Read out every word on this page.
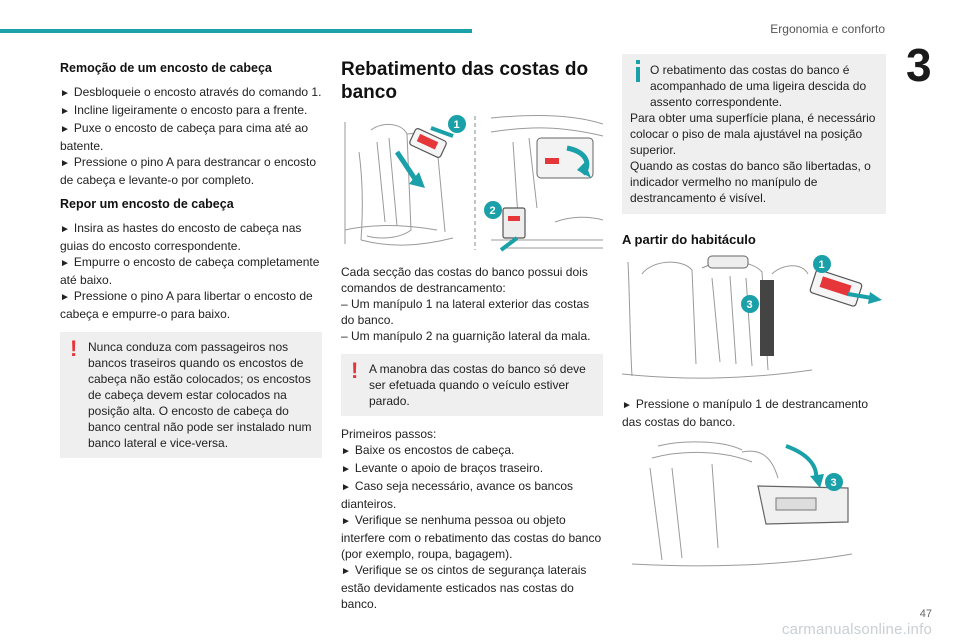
Ergonomia e conforto
3
Remoção de um encosto de cabeça

► Desbloqueie o encosto através do comando 1.

► Incline ligeiramente o encosto para a frente.

► Puxe o encosto de cabeça para cima até ao batente.

► Pressione o pino A para destrancar o encosto de cabeça e levante-o por completo.

Repor um encosto de cabeça

► Insira as hastes do encosto de cabeça nas guias do encosto correspondente.

► Empurre o encosto de cabeça completamente até baixo.

► Pressione o pino A para libertar o encosto de cabeça e empurre-o para baixo.

! Nunca conduza com passageiros nos bancos traseiros quando os encostos de cabeça não estão colocados; os encostos de cabeça devem estar colocados na posição alta. O encosto de cabeça do banco central não pode ser instalado num banco lateral e vice-versa.
Rebatimento das costas do banco
1
2

Cada secção das costas do banco possui dois comandos de destrancamento:

– Um manípulo 1 na lateral exterior das costas do banco.

– Um manípulo 2 na guarnição lateral da mala.

! A manobra das costas do banco só deve ser efetuada quando o veículo estiver parado.

Primeiros passos:

► Baixe os encostos de cabeça.

► Levante o apoio de braços traseiro.

► Caso seja necessário, avance os bancos dianteiros.

► Verifique se nenhuma pessoa ou objeto interfere com o rebatimento das costas do banco (por exemplo, roupa, bagagem).

► Verifique se os cintos de segurança laterais estão devidamente esticados nas costas do banco.

O rebatimento das costas do banco é acompanhado de uma ligeira descida do assento correspondente.

Para obter uma superfície plana, é necessário colocar o piso de mala ajustável na posição superior.

Quando as costas do banco são libertadas, o indicador vermelho no manípulo de destrancamento é visível.

A partir do habitáculo
1
3

► Pressione o manípulo 1 de destrancamento das costas do banco.

3
carmanualsonline.info
47
